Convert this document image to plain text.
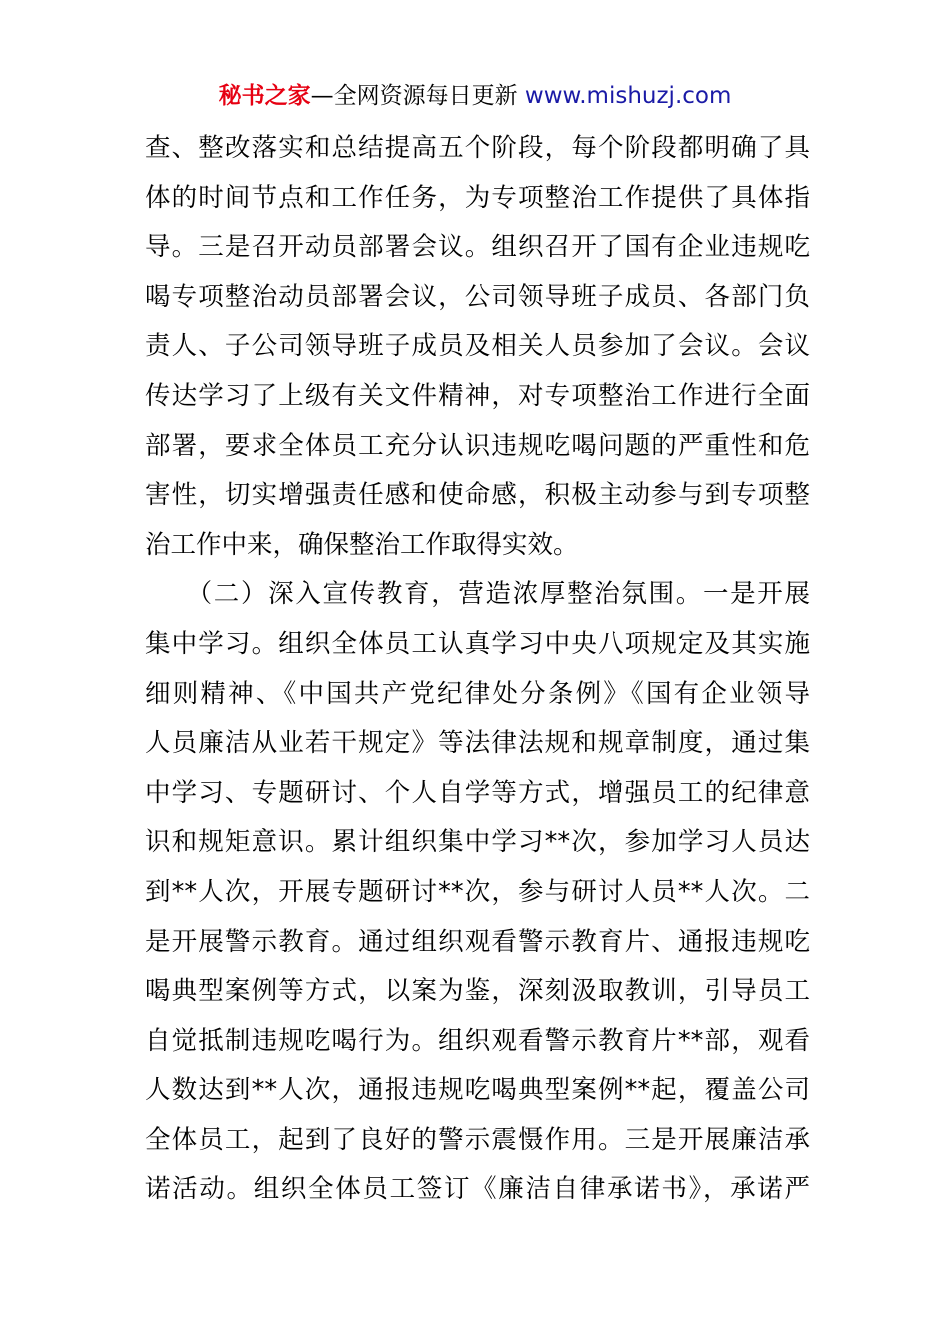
秘书之家—全网资源每日更新 www.mishuzj.com
查、整改落实和总结提高五个阶段，每个阶段都明确了具
体的时间节点和工作任务，为专项整治工作提供了具体指
导。三是召开动员部署会议。组织召开了国有企业违规吃
喝专项整治动员部署会议，公司领导班子成员、各部门负
责人、子公司领导班子成员及相关人员参加了会议。会议
传达学习了上级有关文件精神，对专项整治工作进行全面
部署，要求全体员工充分认识违规吃喝问题的严重性和危
害性，切实增强责任感和使命感，积极主动参与到专项整
治工作中来，确保整治工作取得实效。
　　（二）深入宣传教育，营造浓厚整治氛围。一是开展
集中学习。组织全体员工认真学习中央八项规定及其实施
细则精神、《中国共产党纪律处分条例》《国有企业领导
人员廉洁从业若干规定》等法律法规和规章制度，通过集
中学习、专题研讨、个人自学等方式，增强员工的纪律意
识和规矩意识。累计组织集中学习**次，参加学习人员达
到**人次，开展专题研讨**次，参与研讨人员**人次。二
是开展警示教育。通过组织观看警示教育片、通报违规吃
喝典型案例等方式，以案为鉴，深刻汲取教训，引导员工
自觉抵制违规吃喝行为。组织观看警示教育片**部，观看
人数达到**人次，通报违规吃喝典型案例**起，覆盖公司
全体员工，起到了良好的警示震慑作用。三是开展廉洁承
诺活动。组织全体员工签订《廉洁自律承诺书》，承诺严
